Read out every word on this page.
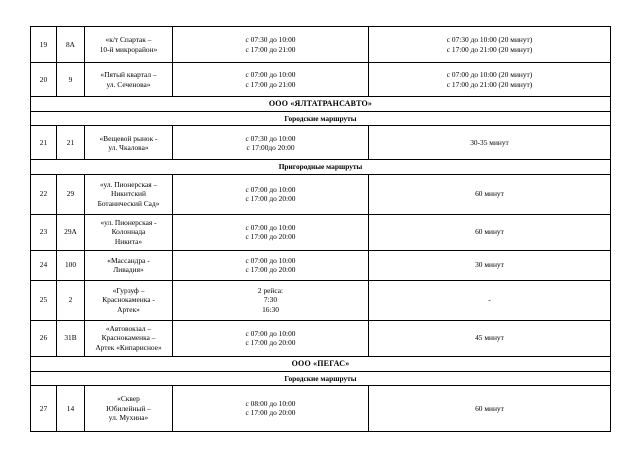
19	8А	«к/т Спартак –
10-й микрорайон»	с 07:30 до 10:00
с 17:00 до 21:00	с 07:30 до 10:00 (20 минут)
с 17:00 до 21:00 (20 минут)

20	9	«Пятый квартал –
ул. Сеченова»	с 07:00 до 10:00
с 17:00 до 21:00	с 07:00 до 10:00 (20 минут)
с 17:00 до 21:00 (20 минут)

ООО «ЯЛТАТРАНСАВТО»				
Городские маршруты				
21	21	«Вещевой рынок -
ул. Чкалова»	с 07:30 до 10:00
с 17:00до 20:00	30-35 минут

Пригородные маршруты				
22	29	«ул. Пионерская –
Никитский
Ботанический Сад»	с 07:00 до 10:00
с 17:00 до 20:00	60 минут

23	29А	«ул. Пионерская -
Колоннада
Никита»	с 07:00 до 10:00
с 17:00 до 20:00	60 минут

24	100	«Массандра -
Ливадия»	с 07:00 до 10:00
с 17:00 до 20:00	30 минут

25	2	«Гурзуф –
Краснокаменка -
Артек»	2 рейса:
7:30
16:30	-

26	31В	«Автовокзал –
Краснокаменка –
Артек «Кипарисное»	с 07:00 до 10:00
с 17:00 до 20:00	45 минут

ООО «ПЕГАС»				
Городские маршруты				
27	14	«Сквер
Юбилейный –
ул. Мухина»	с 08:00 до 10:00
с 17:00 до 20:00	60 минут
